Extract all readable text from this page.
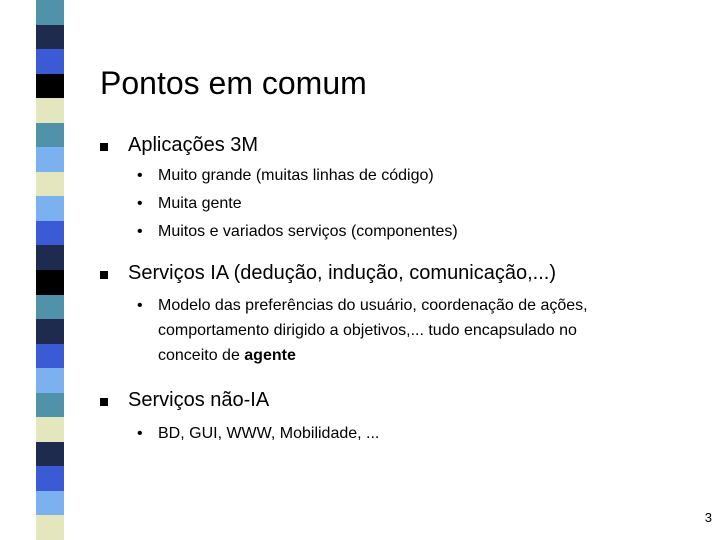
Pontos em comum
Aplicações 3M
• Muito grande (muitas linhas de código)
• Muita gente
• Muitos e variados serviços (componentes)
Serviços IA (dedução, indução, comunicação,...)
• Modelo das preferências do usuário, coordenação de ações,
comportamento dirigido a objetivos,... tudo encapsulado no
conceito de agente
Serviços não-IA
• BD, GUI, WWW, Mobilidade, ...
3
